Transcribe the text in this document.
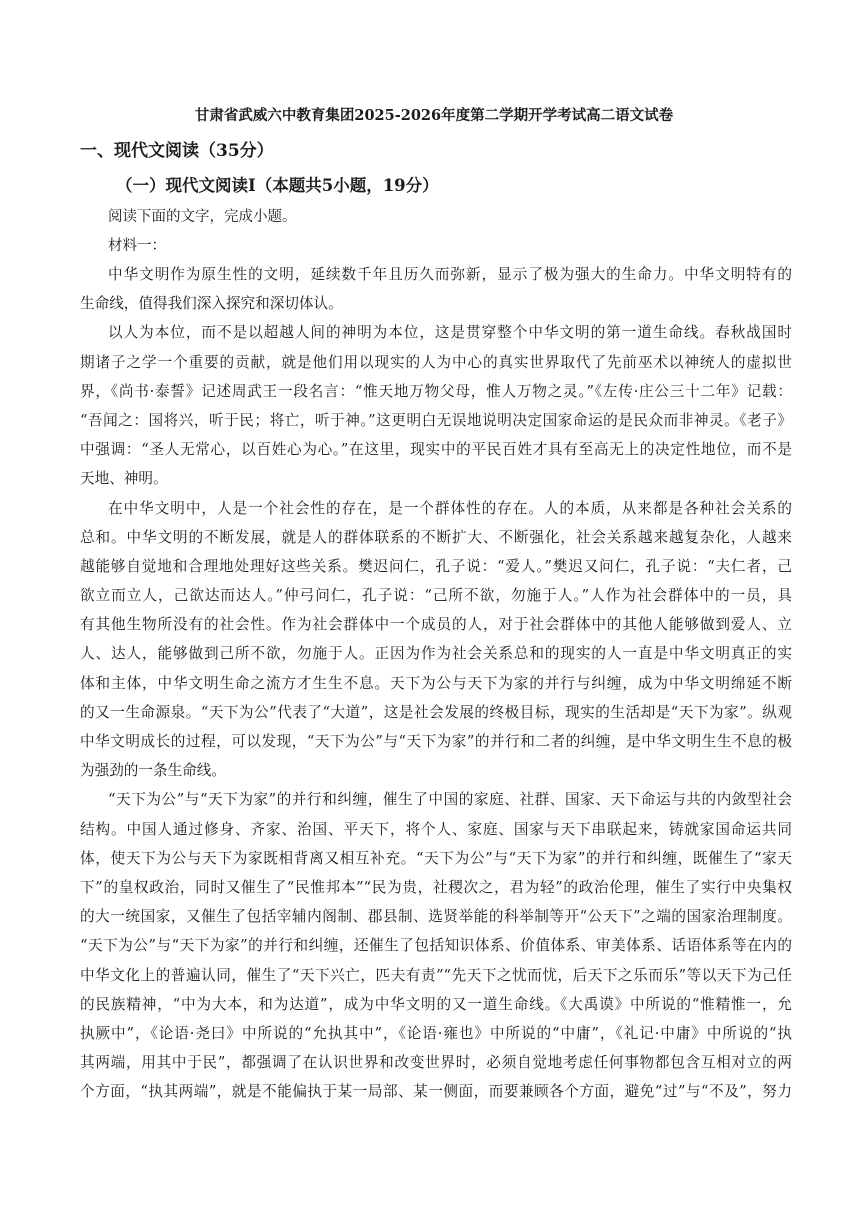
甘肃省武威六中教育集团2025-2026年度第二学期开学考试高二语文试卷
一、现代文阅读（35分）
（一）现代文阅读I（本题共5小题，19分）
阅读下面的文字，完成小题。
材料一：
中华文明作为原生性的文明，延续数千年且历久而弥新，显示了极为强大的生命力。中华文明特有的
生命线，值得我们深入探究和深切体认。
以人为本位，而不是以超越人间的神明为本位，这是贯穿整个中华文明的第一道生命线。春秋战国时
期诸子之学一个重要的贡献，就是他们用以现实的人为中心的真实世界取代了先前巫术以神统人的虚拟世
界，《尚书·泰誓》记述周武王一段名言：“惟天地万物父母，惟人万物之灵。”《左传·庄公三十二年》记载：
“吾闻之：国将兴，听于民；将亡，听于神。”这更明白无误地说明决定国家命运的是民众而非神灵。《老子》
中强调：“圣人无常心，以百姓心为心。”在这里，现实中的平民百姓才具有至高无上的决定性地位，而不是
天地、神明。
在中华文明中，人是一个社会性的存在，是一个群体性的存在。人的本质，从来都是各种社会关系的
总和。中华文明的不断发展，就是人的群体联系的不断扩大、不断强化，社会关系越来越复杂化，人越来
越能够自觉地和合理地处理好这些关系。樊迟问仁，孔子说：“爱人。”樊迟又问仁，孔子说：“夫仁者，己
欲立而立人，己欲达而达人。”仲弓问仁，孔子说：“己所不欲，勿施于人。”人作为社会群体中的一员，具
有其他生物所没有的社会性。作为社会群体中一个成员的人，对于社会群体中的其他人能够做到爱人、立
人、达人，能够做到己所不欲，勿施于人。正因为作为社会关系总和的现实的人一直是中华文明真正的实
体和主体，中华文明生命之流方才生生不息。天下为公与天下为家的并行与纠缠，成为中华文明绵延不断
的又一生命源泉。“天下为公”代表了“大道”，这是社会发展的终极目标，现实的生活却是“天下为家”。纵观
中华文明成长的过程，可以发现，“天下为公”与“天下为家”的并行和二者的纠缠，是中华文明生生不息的极
为强劲的一条生命线。
“天下为公”与“天下为家”的并行和纠缠，催生了中国的家庭、社群、国家、天下命运与共的内敛型社会
结构。中国人通过修身、齐家、治国、平天下，将个人、家庭、国家与天下串联起来，铸就家国命运共同
体，使天下为公与天下为家既相背离又相互补充。“天下为公”与“天下为家”的并行和纠缠，既催生了“家天
下”的皇权政治，同时又催生了“民惟邦本”“民为贵，社稷次之，君为轻”的政治伦理，催生了实行中央集权
的大一统国家，又催生了包括宰辅内阁制、郡县制、选贤举能的科举制等开“公天下”之端的国家治理制度。
“天下为公”与“天下为家”的并行和纠缠，还催生了包括知识体系、价值体系、审美体系、话语体系等在内的
中华文化上的普遍认同，催生了“天下兴亡，匹夫有责”“先天下之忧而忧，后天下之乐而乐”等以天下为己任
的民族精神，“中为大本，和为达道”，成为中华文明的又一道生命线。《大禹谟》中所说的“惟精惟一，允
执厥中”，《论语·尧曰》中所说的“允执其中”，《论语·雍也》中所说的“中庸”，《礼记·中庸》中所说的“执
其两端，用其中于民”，都强调了在认识世界和改变世界时，必须自觉地考虑任何事物都包含互相对立的两
个方面，“执其两端”，就是不能偏执于某一局部、某一侧面，而要兼顾各个方面，避免“过”与“不及”，努力
